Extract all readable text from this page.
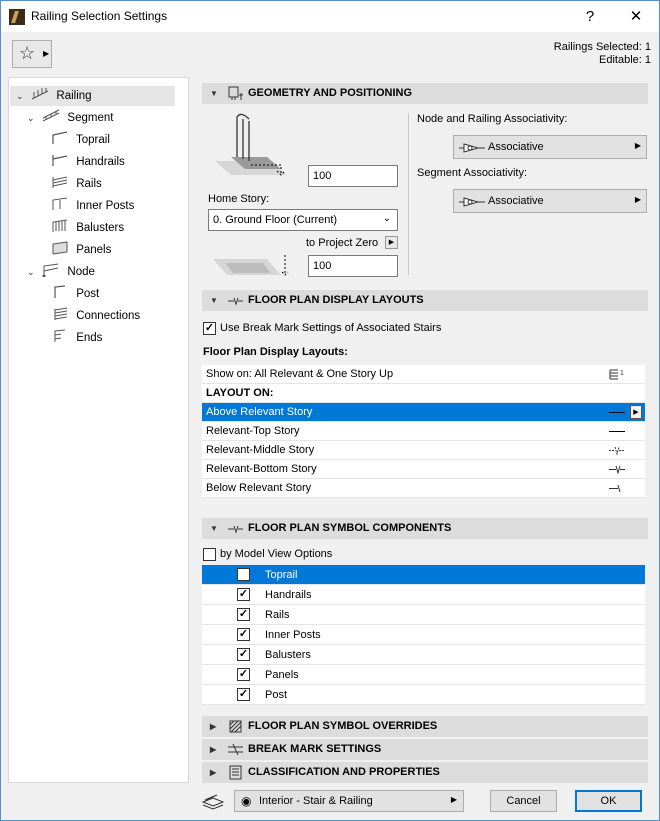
Railing Selection Settings	?	✕
☆ ▶
Railings Selected: 1
Editable: 1
⌄	Railing
⌄	Segment
Toprail
Handrails
Rails
Inner Posts
Balusters
Panels
⌄	Node
Post
Connections
Ends
▼	GEOMETRY AND POSITIONING
100
Home Story:
0. Ground Floor (Current)	⌄
to Project Zero	▶
100
Node and Railing Associativity:
Associative	▶
Segment Associativity:
Associative	▶
▼	FLOOR PLAN DISPLAY LAYOUTS
✓ Use Break Mark Settings of Associated Stairs
Floor Plan Display Layouts:
Show on: All Relevant & One Story Up	1
LAYOUT ON:
Above Relevant Story	▶
Relevant-Top Story
Relevant-Middle Story
Relevant-Bottom Story
Below Relevant Story
▼	FLOOR PLAN SYMBOL COMPONENTS
by Model View Options
✓ Toprail
✓ Handrails
✓ Rails
✓ Inner Posts
✓ Balusters
✓ Panels
✓ Post
▶	FLOOR PLAN SYMBOL OVERRIDES
▶	BREAK MARK SETTINGS
▶	CLASSIFICATION AND PROPERTIES
◉ Interior - Stair & Railing	▶	Cancel	OK
